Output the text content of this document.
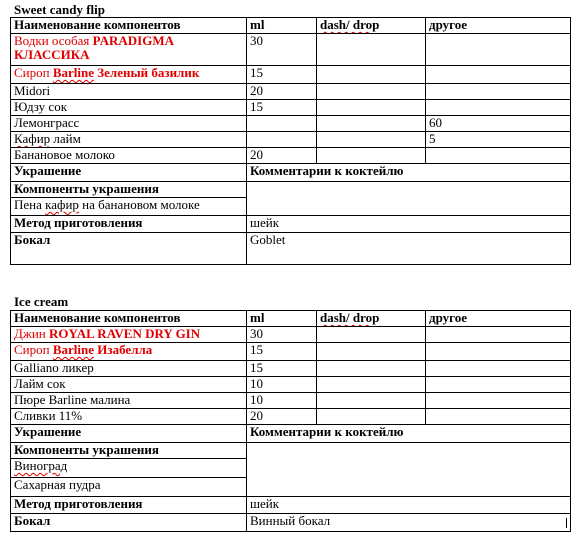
Sweet candy flip
Наименование компонентов	ml	dash/ drop	другое
Водки особая PARADIGMA КЛАССИКА	30		
Сироп Barline Зеленый базилик	15		
Midori	20		
Юдзу сок	15		
Лемонграсс			60
Кафир лайм			5
Банановое молоко	20		
Украшение	Комментарии к коктейлю		
Компоненты украшения			
Пена кафир на банановом молоке			
Метод приготовления	шейк		
Бокал	Goblet		
Ice cream
Наименование компонентов	ml	dash/ drop	другое
Джин ROYAL RAVEN DRY GIN	30		
Сироп Barline Изабелла	15		
Galliano ликер	15		
Лайм сок	10		
Пюре Barline малина	10		
Сливки 11%	20		
Украшение	Комментарии к коктейлю		
Компоненты украшения			
Виноград			
Сахарная пудра			
Метод приготовления	шейк		
Бокал	Винный бокал		
